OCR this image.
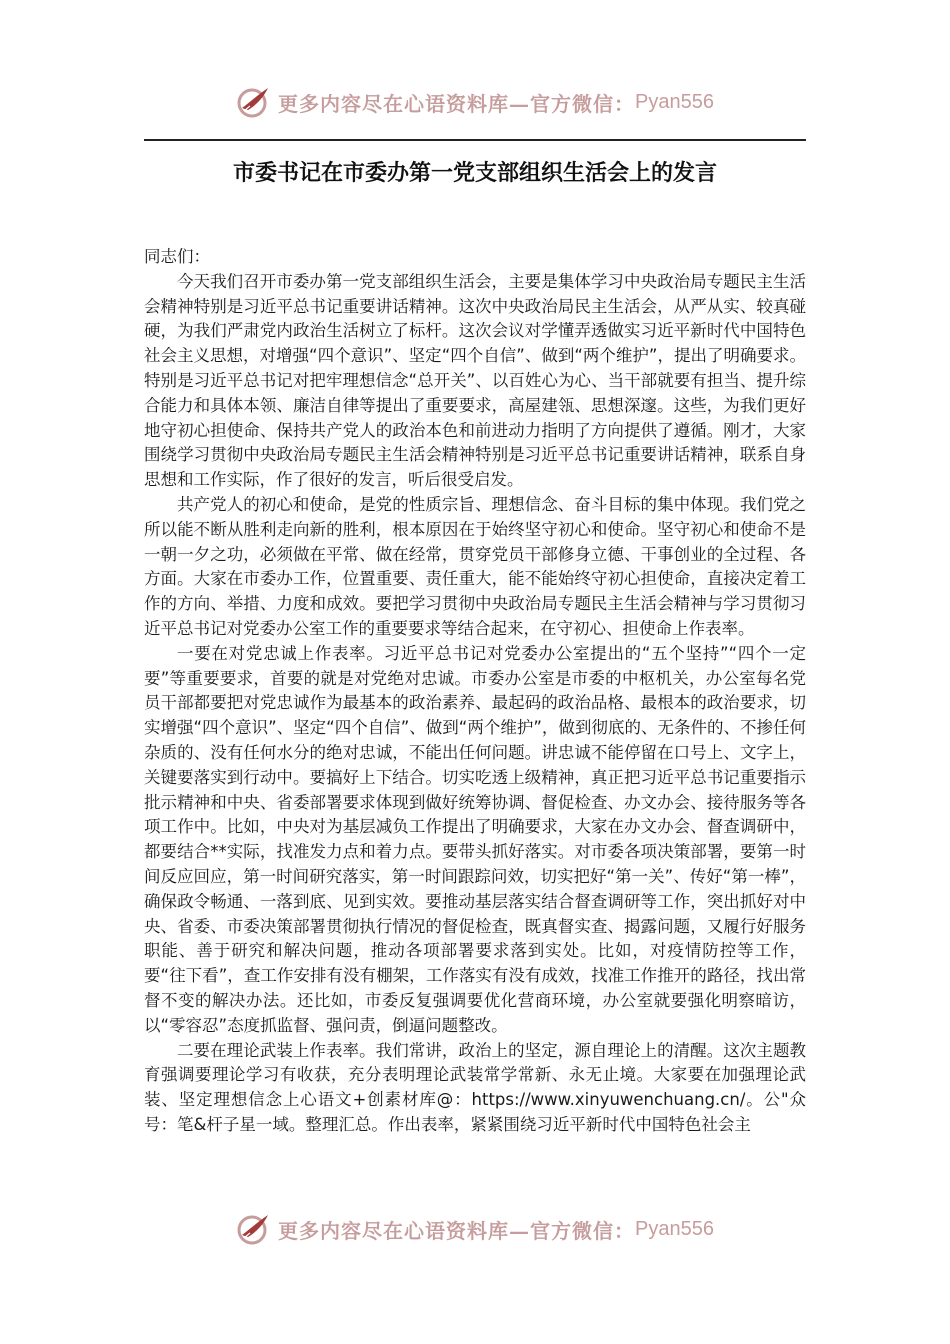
更多内容尽在心语资料库—官方微信： Pyan556
市委书记在市委办第一党支部组织生活会上的发言

同志们：

今天我们召开市委办第一党支部组织生活会，主要是集体学习中央政治局专题民主生活会精神特别是习近平总书记重要讲话精神。这次中央政治局民主生活会，从严从实、较真碰硬，为我们严肃党内政治生活树立了标杆。这次会议对学懂弄透做实习近平新时代中国特色社会主义思想，对增强“四个意识”、坚定“四个自信”、做到“两个维护”，提出了明确要求。特别是习近平总书记对把牢理想信念“总开关”、以百姓心为心、当干部就要有担当、提升综合能力和具体本领、廉洁自律等提出了重要要求，高屋建瓴、思想深邃。这些，为我们更好地守初心担使命、保持共产党人的政治本色和前进动力指明了方向提供了遵循。刚才，大家围绕学习贯彻中央政治局专题民主生活会精神特别是习近平总书记重要讲话精神，联系自身思想和工作实际，作了很好的发言，听后很受启发。

共产党人的初心和使命，是党的性质宗旨、理想信念、奋斗目标的集中体现。我们党之所以能不断从胜利走向新的胜利，根本原因在于始终坚守初心和使命。坚守初心和使命不是一朝一夕之功，必须做在平常、做在经常，贯穿党员干部修身立德、干事创业的全过程、各方面。大家在市委办工作，位置重要、责任重大，能不能始终守初心担使命，直接决定着工作的方向、举措、力度和成效。要把学习贯彻中央政治局专题民主生活会精神与学习贯彻习近平总书记对党委办公室工作的重要要求等结合起来，在守初心、担使命上作表率。

一要在对党忠诚上作表率。习近平总书记对党委办公室提出的“五个坚持”“四个一定要”等重要要求，首要的就是对党绝对忠诚。市委办公室是市委的中枢机关，办公室每名党员干部都要把对党忠诚作为最基本的政治素养、最起码的政治品格、最根本的政治要求，切实增强“四个意识”、坚定“四个自信”、做到“两个维护”，做到彻底的、无条件的、不掺任何杂质的、没有任何水分的绝对忠诚，不能出任何问题。讲忠诚不能停留在口号上、文字上，关键要落实到行动中。要搞好上下结合。切实吃透上级精神，真正把习近平总书记重要指示批示精神和中央、省委部署要求体现到做好统筹协调、督促检查、办文办会、接待服务等各项工作中。比如，中央对为基层减负工作提出了明确要求，大家在办文办会、督查调研中，都要结合**实际，找准发力点和着力点。要带头抓好落实。对市委各项决策部署，要第一时间反应回应，第一时间研究落实，第一时间跟踪问效，切实把好“第一关”、传好“第一棒”，确保政令畅通、一落到底、见到实效。要推动基层落实结合督查调研等工作，突出抓好对中央、省委、市委决策部署贯彻执行情况的督促检查，既真督实查、揭露问题，又履行好服务职能、善于研究和解决问题，推动各项部署要求落到实处。比如，对疫情防控等工作，要“往下看”，查工作安排有没有棚架，工作落实有没有成效，找准工作推开的路径，找出常督不变的解决办法。还比如，市委反复强调要优化营商环境，办公室就要强化明察暗访，以“零容忍”态度抓监督、强问责，倒逼问题整改。

二要在理论武装上作表率。我们常讲，政治上的坚定，源自理论上的清醒。这次主题教育强调要理论学习有收获，充分表明理论武装常学常新、永无止境。大家要在加强理论武装、坚定理想信念上心语文+创素材库@：https://www.xinyuwenchuang.cn/。公"众号：笔&杆子星一域。整理汇总。作出表率，紧紧围绕习近平新时代中国特色社会主

更多内容尽在心语资料库—官方微信： Pyan556
